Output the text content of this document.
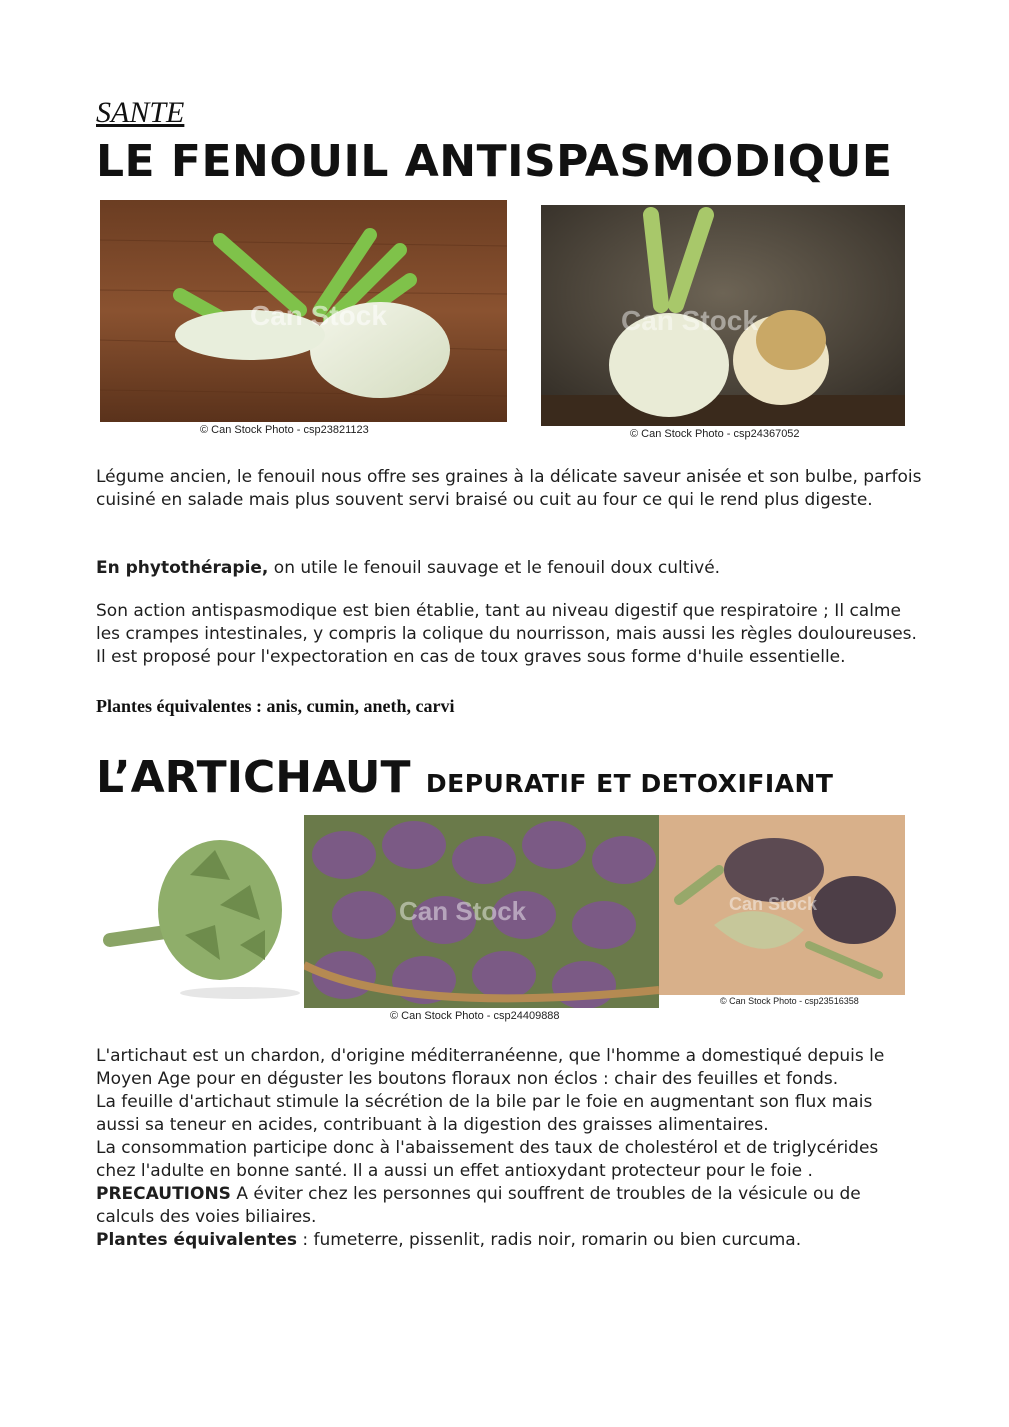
SANTE
LE FENOUIL ANTISPASMODIQUE
Can Stock
© Can Stock Photo - csp23821123
Can Stock
© Can Stock Photo - csp24367052

Légume ancien, le fenouil nous offre ses graines à la délicate saveur anisée et son bulbe, parfois cuisiné en salade mais plus souvent servi braisé ou cuit au four ce qui le rend plus digeste.

En phytothérapie, on utile le fenouil sauvage et le fenouil doux cultivé.

Son action antispasmodique est bien établie, tant au niveau digestif que respiratoire ; Il calme les crampes intestinales, y compris la colique du nourrisson, mais aussi les règles douloureuses. Il est proposé pour l'expectoration en cas de toux graves sous forme d'huile essentielle.

Plantes équivalentes : anis, cumin, aneth, carvi
L’ARTICHAUT DEPURATIF ET DETOXIFIANT
Can Stock
© Can Stock Photo - csp24409888
Can Stock
© Can Stock Photo - csp23516358

L'artichaut est un chardon, d'origine méditerranéenne, que l'homme a domestiqué depuis le Moyen Age pour en déguster les boutons floraux non éclos : chair des feuilles et fonds.

La feuille d'artichaut stimule la sécrétion de la bile par le foie en augmentant son flux mais aussi sa teneur en acides, contribuant à la digestion des graisses alimentaires.

La consommation participe donc à l'abaissement des taux de cholestérol et de triglycérides chez l'adulte en bonne santé. Il a aussi un effet antioxydant protecteur pour le foie .

PRECAUTIONS A éviter chez les personnes qui souffrent de troubles de la vésicule ou de calculs des voies biliaires.

Plantes équivalentes : fumeterre, pissenlit, radis noir, romarin ou bien curcuma.
